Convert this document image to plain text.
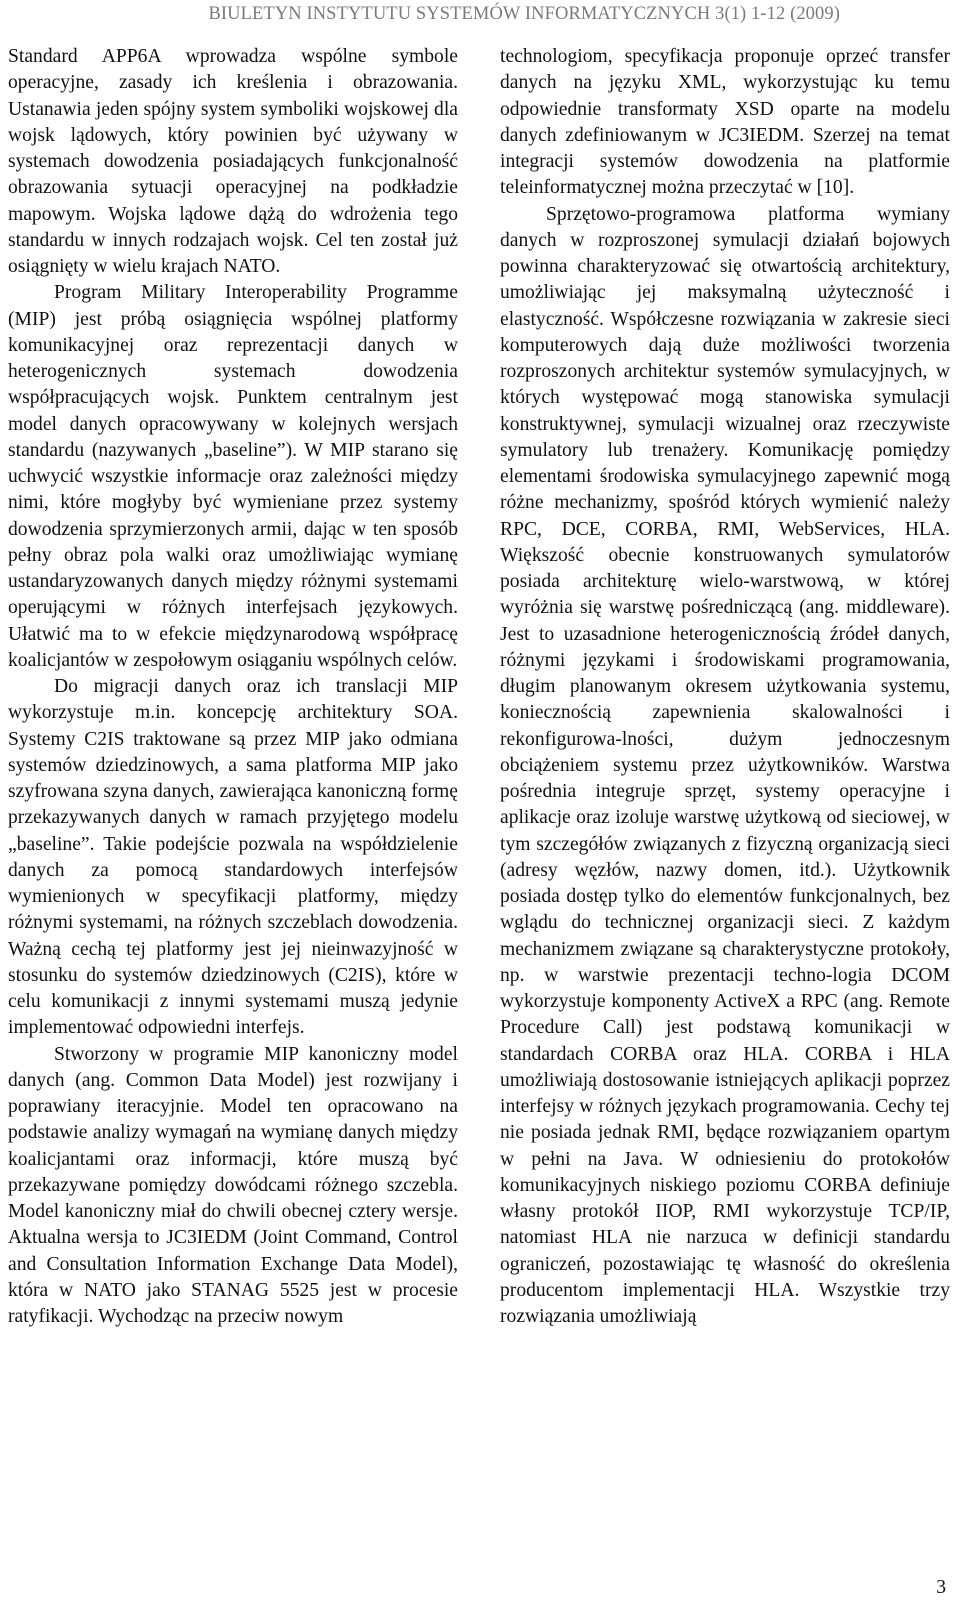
BIULETYN INSTYTUTU SYSTEMÓW INFORMATYCZNYCH 3(1) 1-12 (2009)

Standard APP6A wprowadza wspólne symbole operacyjne, zasady ich kreślenia i obrazowania. Ustanawia jeden spójny system symboliki wojskowej dla wojsk lądowych, który powinien być używany w systemach dowodzenia posiadających funkcjonalność obrazowania sytuacji operacyjnej na podkładzie mapowym. Wojska lądowe dążą do wdrożenia tego standardu w innych rodzajach wojsk. Cel ten został już osiągnięty w wielu krajach NATO.

Program Military Interoperability Programme (MIP) jest próbą osiągnięcia wspólnej platformy komunikacyjnej oraz reprezentacji danych w heterogenicznych systemach dowodzenia współpracujących wojsk. Punktem centralnym jest model danych opracowywany w kolejnych wersjach standardu (nazywanych „baseline”). W MIP starano się uchwycić wszystkie informacje oraz zależności między nimi, które mogłyby być wymieniane przez systemy dowodzenia sprzymierzonych armii, dając w ten sposób pełny obraz pola walki oraz umożliwiając wymianę ustandaryzowanych danych między różnymi systemami operującymi w różnych interfejsach językowych. Ułatwić ma to w efekcie międzynarodową współpracę koalicjantów w zespołowym osiąganiu wspólnych celów.

Do migracji danych oraz ich translacji MIP wykorzystuje m.in. koncepcję architektury SOA. Systemy C2IS traktowane są przez MIP jako odmiana systemów dziedzinowych, a sama platforma MIP jako szyfrowana szyna danych, zawierająca kanoniczną formę przekazywanych danych w ramach przyjętego modelu „baseline”. Takie podejście pozwala na współdzielenie danych za pomocą standardowych interfejsów wymienionych w specyfikacji platformy, między różnymi systemami, na różnych szczeblach dowodzenia. Ważną cechą tej platformy jest jej nieinwazyjność w stosunku do systemów dziedzinowych (C2IS), które w celu komunikacji z innymi systemami muszą jedynie implementować odpowiedni interfejs.

Stworzony w programie MIP kanoniczny model danych (ang. Common Data Model) jest rozwijany i poprawiany iteracyjnie. Model ten opracowano na podstawie analizy wymagań na wymianę danych między koalicjantami oraz informacji, które muszą być przekazywane pomiędzy dowódcami różnego szczebla. Model kanoniczny miał do chwili obecnej cztery wersje. Aktualna wersja to JC3IEDM (Joint Command, Control and Consultation Information Exchange Data Model), która w NATO jako STANAG 5525 jest w procesie ratyfikacji. Wychodząc na przeciw nowym

technologiom, specyfikacja proponuje oprzeć transfer danych na języku XML, wykorzystując ku temu odpowiednie transformaty XSD oparte na modelu danych zdefiniowanym w JC3IEDM. Szerzej na temat integracji systemów dowodzenia na platformie teleinformatycznej można przeczytać w [10].

Sprzętowo-programowa platforma wymiany danych w rozproszonej symulacji działań bojowych powinna charakteryzować się otwartością architektury, umożliwiając jej maksymalną użyteczność i elastyczność. Współczesne rozwiązania w zakresie sieci komputerowych dają duże możliwości tworzenia rozproszonych architektur systemów symulacyjnych, w których występować mogą stanowiska symulacji konstruktywnej, symulacji wizualnej oraz rzeczywiste symulatory lub trenażery. Komunikację pomiędzy elementami środowiska symulacyjnego zapewnić mogą różne mechanizmy, spośród których wymienić należy RPC, DCE, CORBA, RMI, WebServices, HLA. Większość obecnie konstruowanych symulatorów posiada architekturę wielo-warstwową, w której wyróżnia się warstwę pośredniczącą (ang. middleware). Jest to uzasadnione heterogenicznością źródeł danych, różnymi językami i środowiskami programowania, długim planowanym okresem użytkowania systemu, koniecznością zapewnienia skalowalności i rekonfigurowa-lności, dużym jednoczesnym obciążeniem systemu przez użytkowników. Warstwa pośrednia integruje sprzęt, systemy operacyjne i aplikacje oraz izoluje warstwę użytkową od sieciowej, w tym szczegółów związanych z fizyczną organizacją sieci (adresy węzłów, nazwy domen, itd.). Użytkownik posiada dostęp tylko do elementów funkcjonalnych, bez wglądu do technicznej organizacji sieci. Z każdym mechanizmem związane są charakterystyczne protokoły, np. w warstwie prezentacji techno-logia DCOM wykorzystuje komponenty ActiveX a RPC (ang. Remote Procedure Call) jest podstawą komunikacji w standardach CORBA oraz HLA. CORBA i HLA umożliwiają dostosowanie istniejących aplikacji poprzez interfejsy w różnych językach programowania. Cechy tej nie posiada jednak RMI, będące rozwiązaniem opartym w pełni na Java. W odniesieniu do protokołów komunikacyjnych niskiego poziomu CORBA definiuje własny protokół IIOP, RMI wykorzystuje TCP/IP, natomiast HLA nie narzuca w definicji standardu ograniczeń, pozostawiając tę własność do określenia producentom implementacji HLA. Wszystkie trzy rozwiązania umożliwiają

3
